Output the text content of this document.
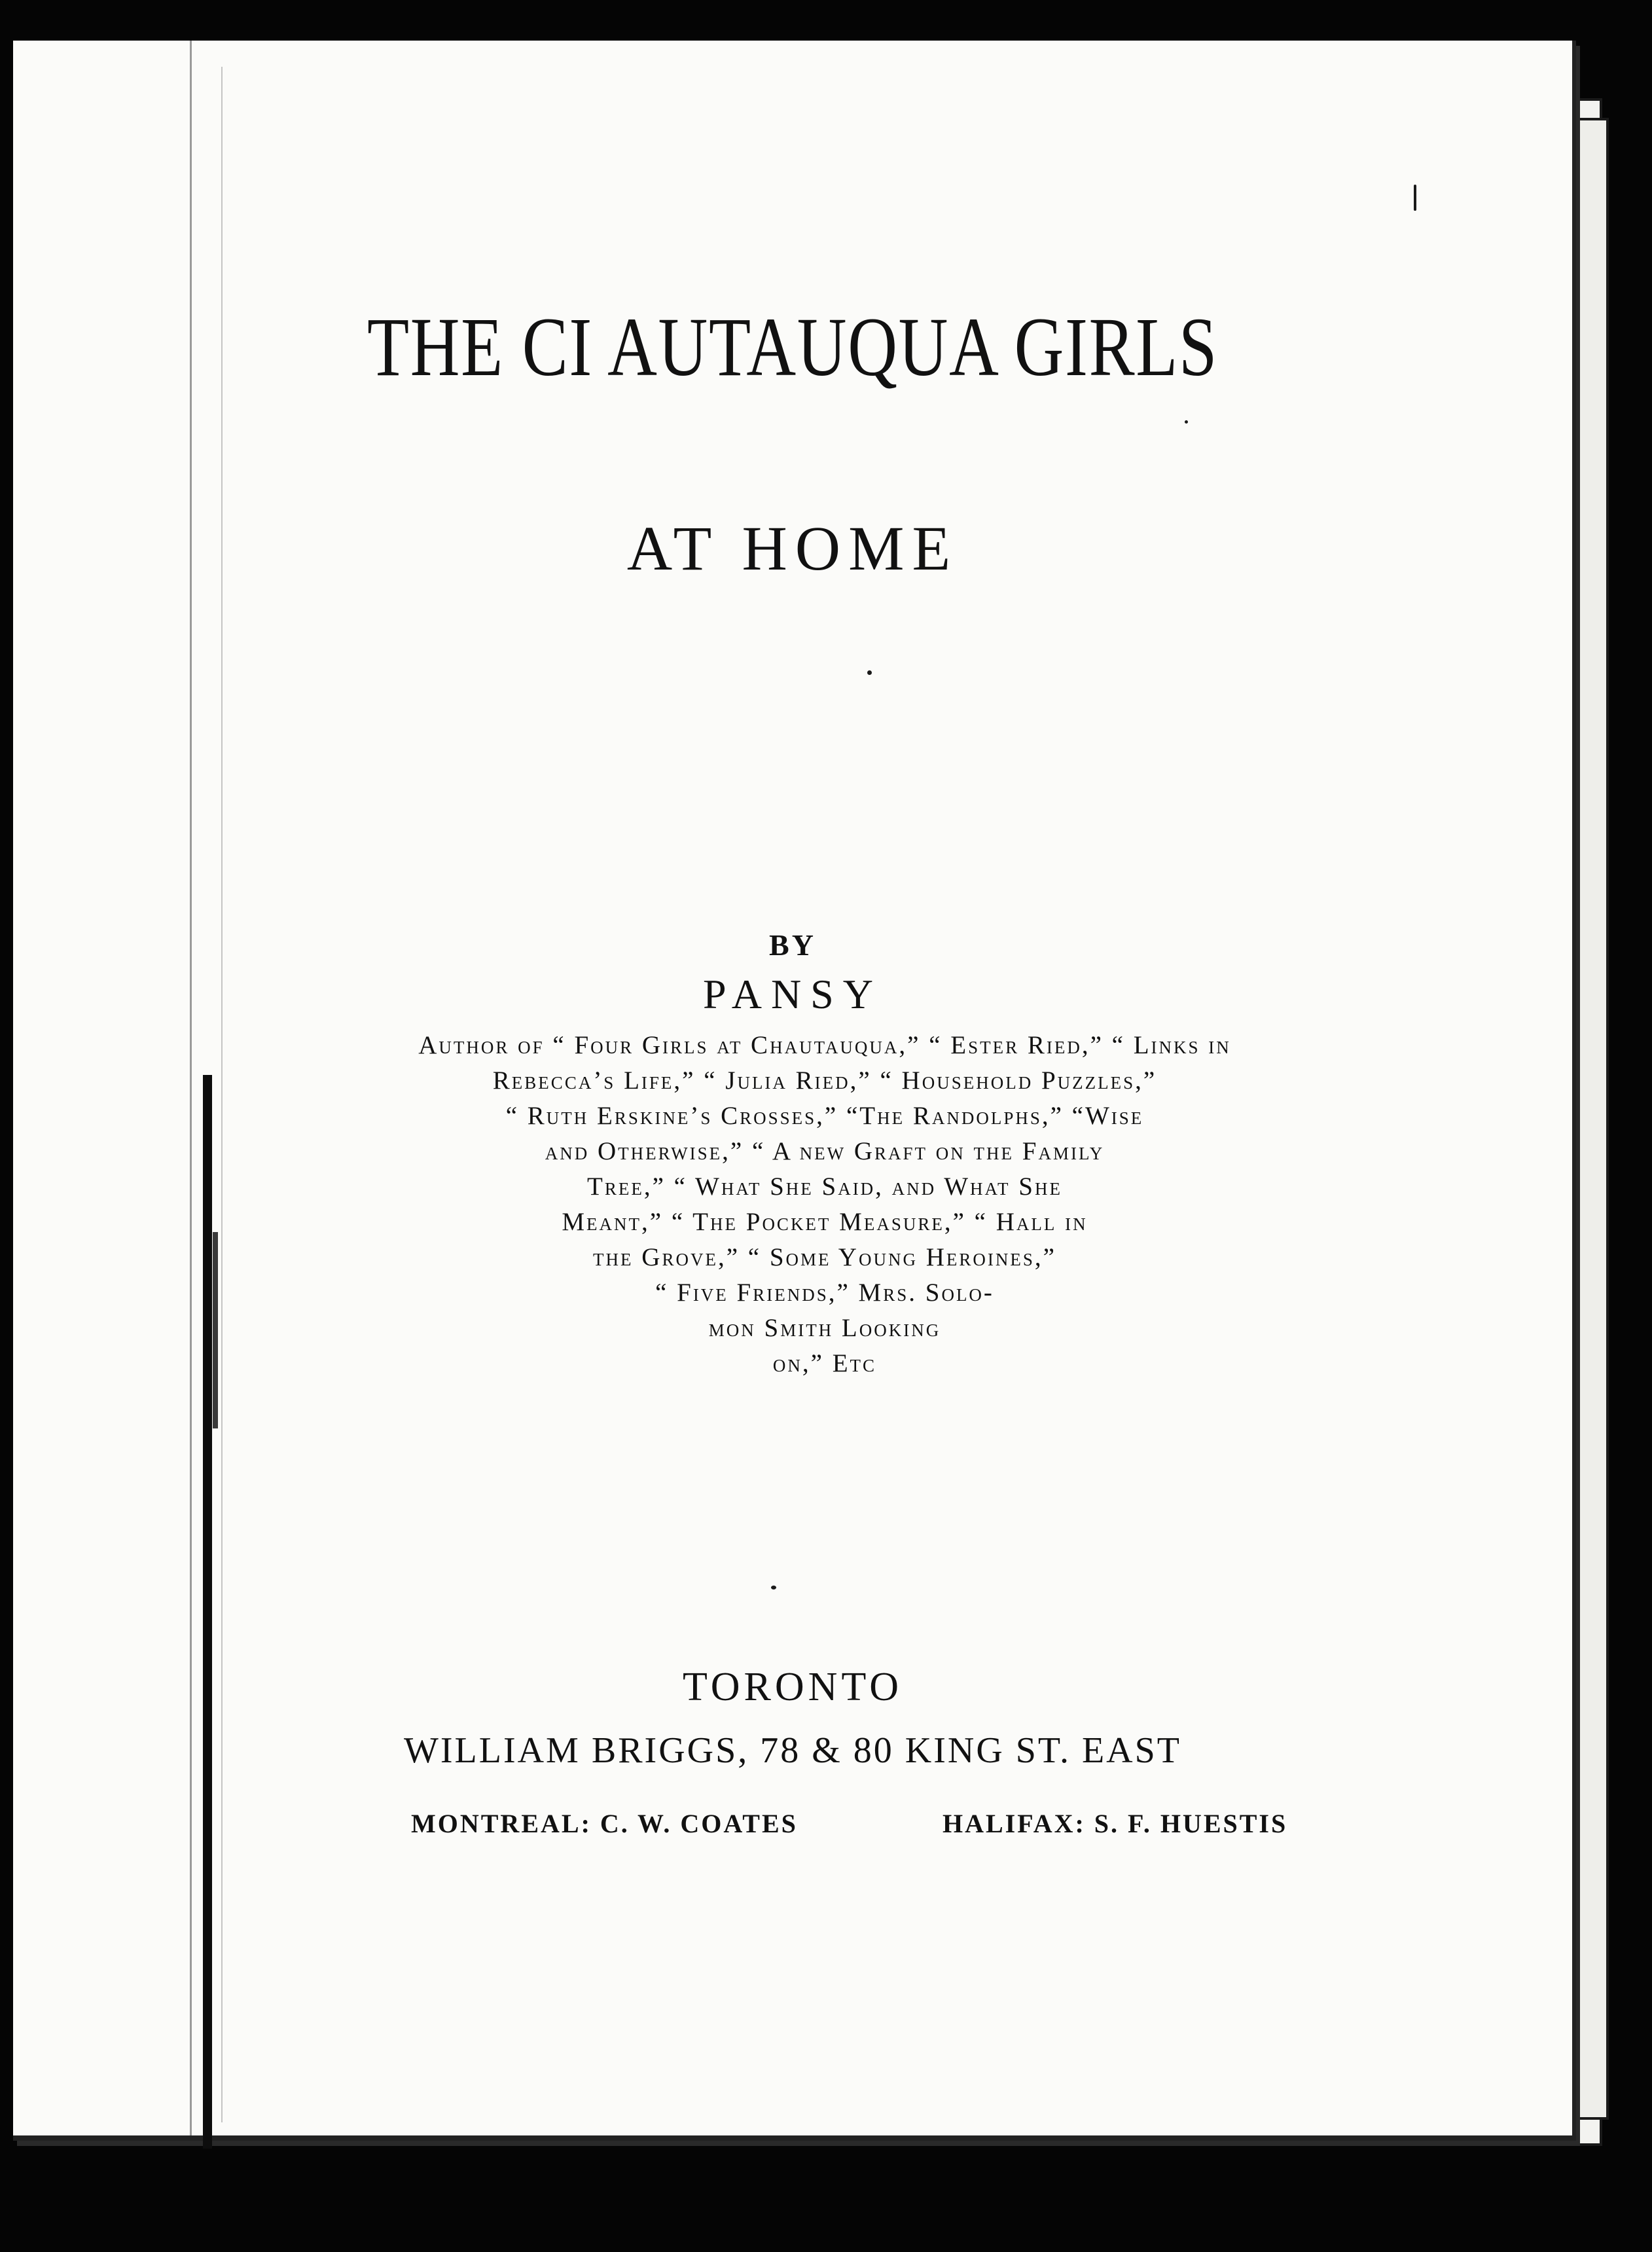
THE CI AUTAUQUA GIRLS
AT HOME
BY
PANSY
Author of “ Four Girls at Chautauqua,” “ Ester Ried,” “ Links in
Rebecca’s Life,” “ Julia Ried,” “ Household Puzzles,”
“ Ruth Erskine’s Crosses,” “The Randolphs,” “Wise
and Otherwise,” “ A new Graft on the Family
Tree,” “ What She Said, and What She
Meant,” “ The Pocket Measure,” “ Hall in
the Grove,” “ Some Young Heroines,”
“ Five Friends,” Mrs. Solo-
mon Smith Looking
on,” Etc
TORONTO
WILLIAM BRIGGS, 78 & 80 KING ST. EAST
MONTREAL: C. W. COATES	HALIFAX: S. F. HUESTIS
